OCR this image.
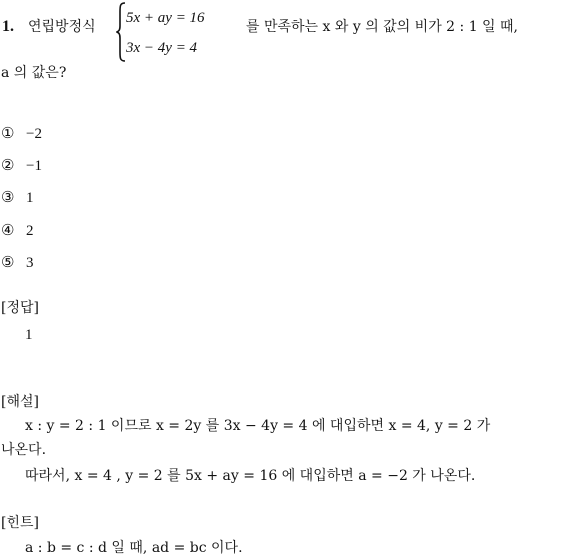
1. 연립방정식
5x + ay = 16
3x − 4y = 4
를 만족하는 x 와 y 의 값의 비가 2 : 1 일 때,
a 의 값은?
① −2
② −1
③ 1
④ 2
⑤ 3
[정답]
1
[해설]
x : y = 2 : 1 이므로 x = 2y 를 3x − 4y = 4 에 대입하면 x = 4, y = 2 가
나온다.
따라서, x = 4 , y = 2 를 5x + ay = 16 에 대입하면 a = −2 가 나온다.
[힌트]
a : b = c : d 일 때, ad = bc 이다.
